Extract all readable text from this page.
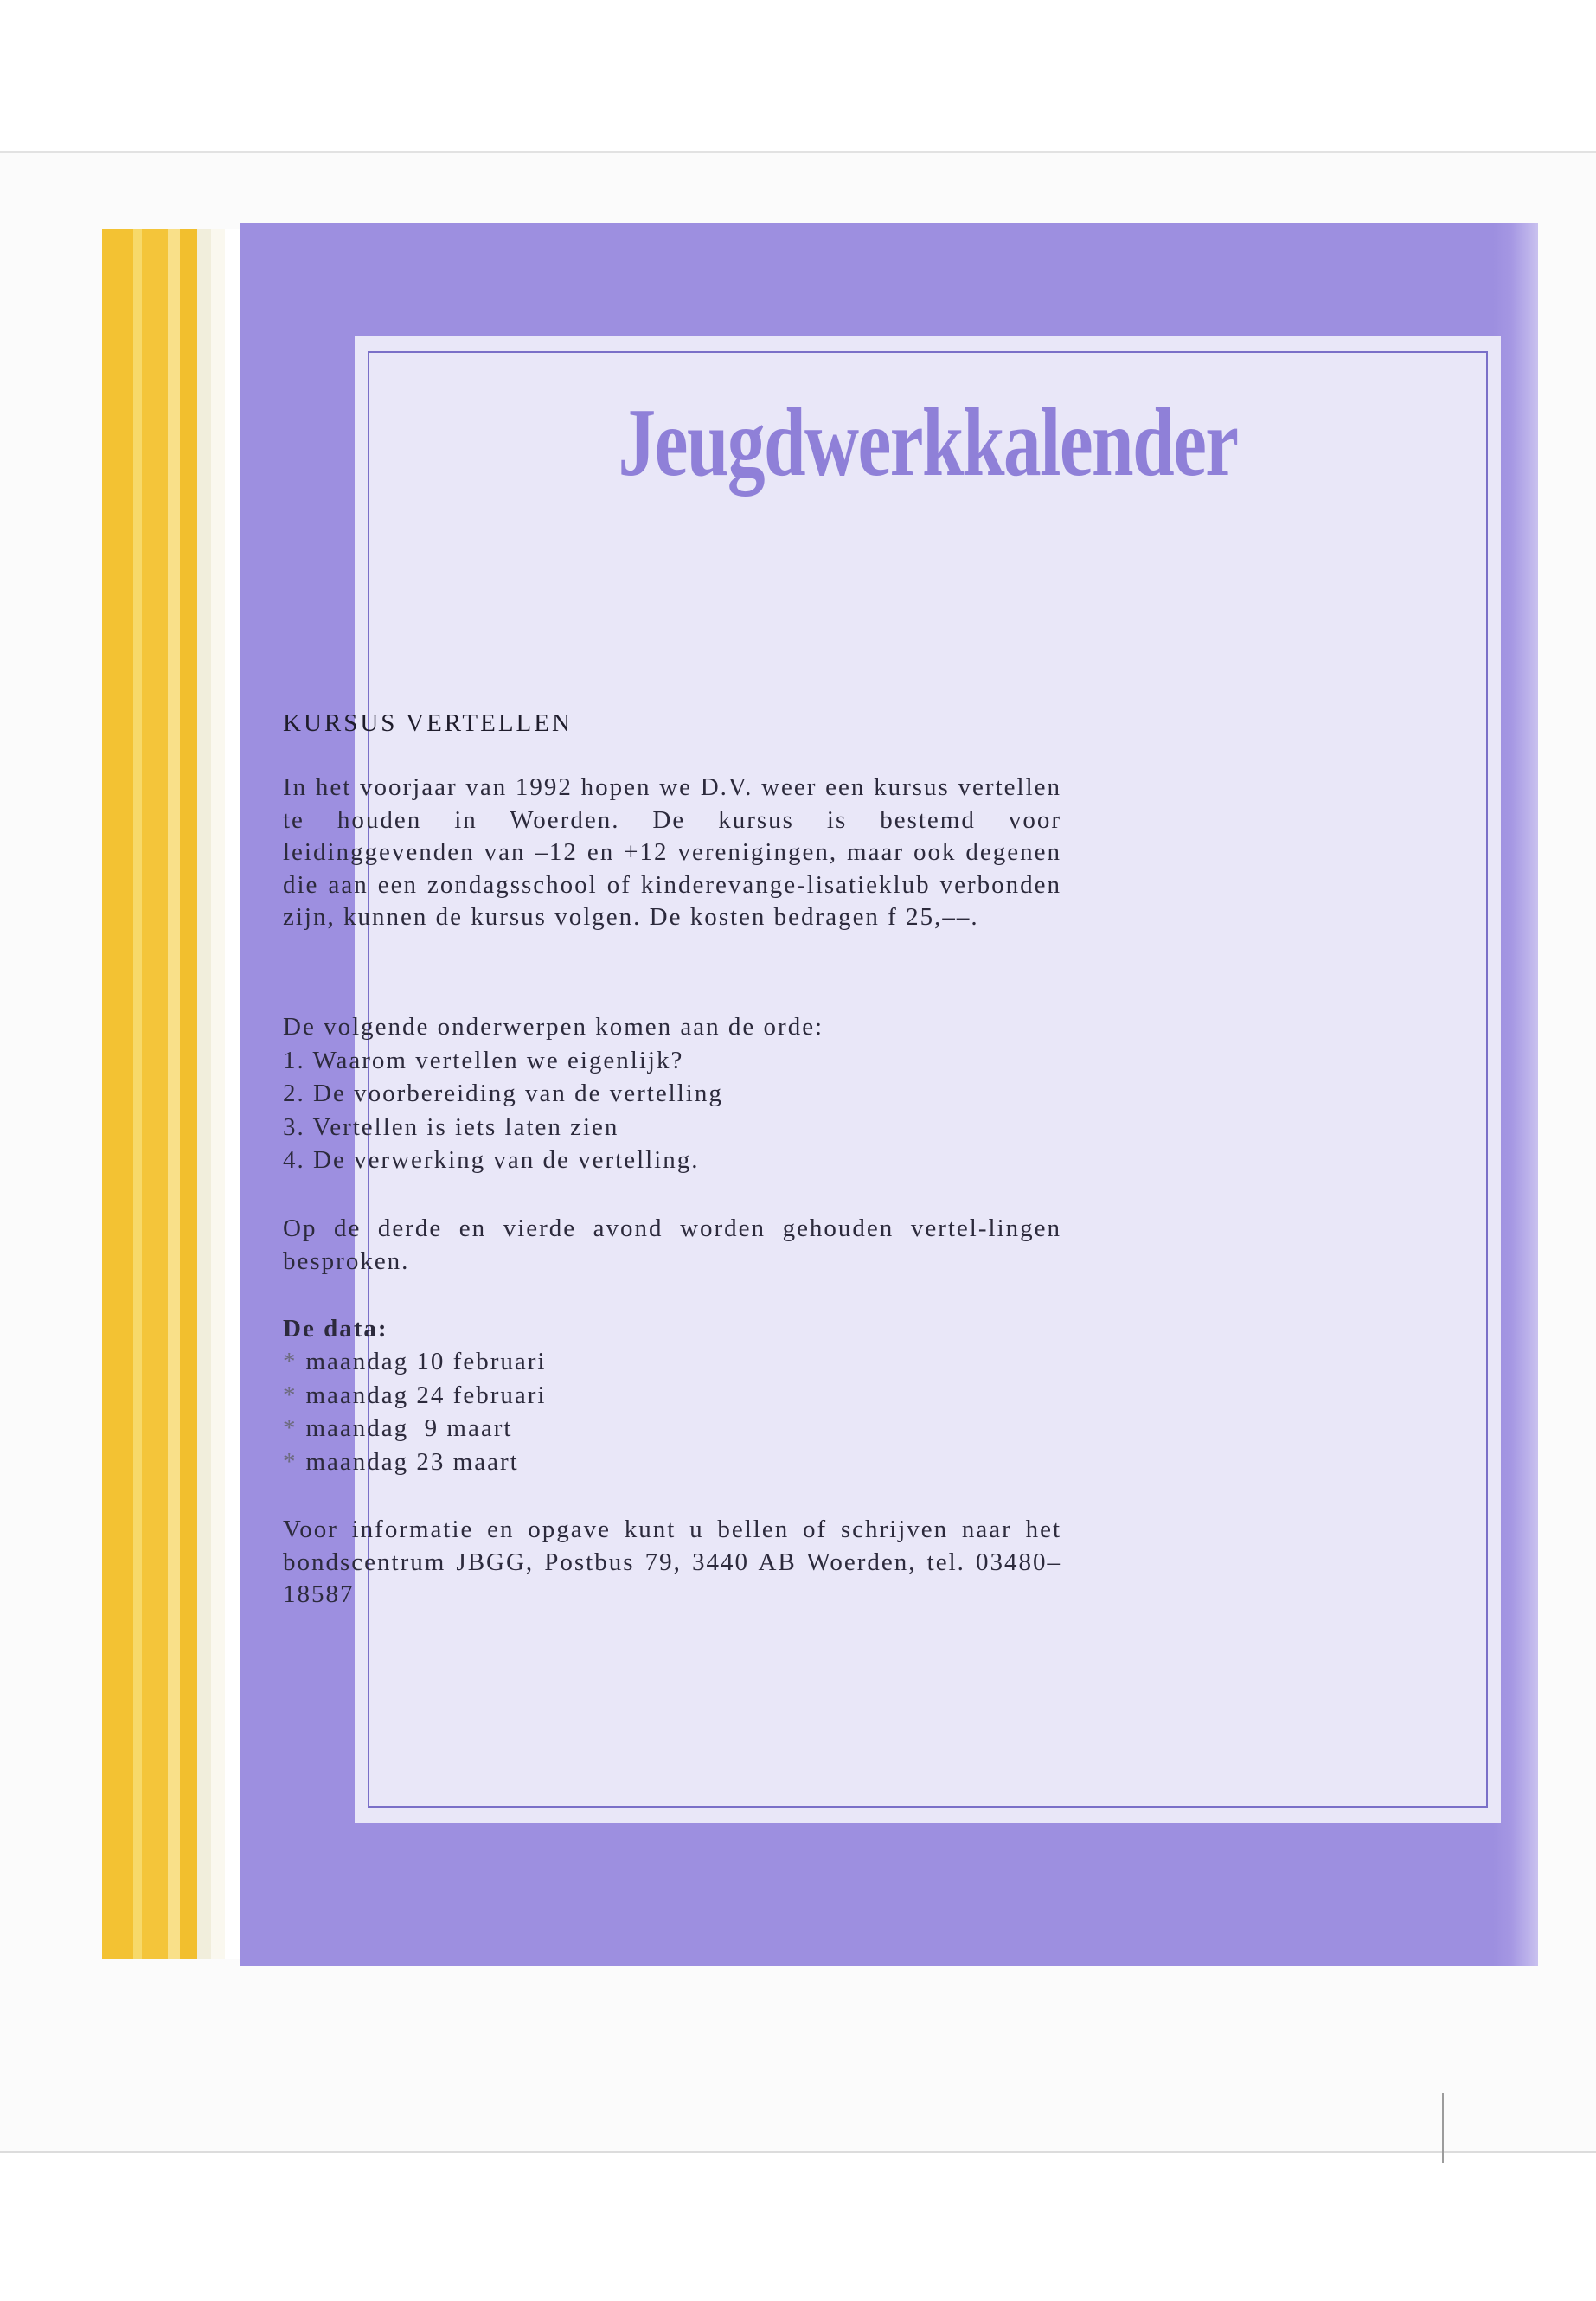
Jeugdwerkkalender
KURSUS VERTELLEN

In het voorjaar van 1992 hopen we D.V. weer een kursus vertellen te houden in Woerden. De kursus is bestemd voor leidinggevenden van –12 en +12 verenigingen, maar ook degenen die aan een zondagsschool of kinderevange-lisatieklub verbonden zijn, kunnen de kursus volgen. De kosten bedragen f 25,––.

De volgende onderwerpen komen aan de orde:

1. Waarom vertellen we eigenlijk?
2. De voorbereiding van de vertelling
3. Vertellen is iets laten zien
4. De verwerking van de vertelling.

Op de derde en vierde avond worden gehouden vertel-lingen besproken.

De data:
* maandag 10 februari
* maandag 24 februari
* maandag  9 maart
* maandag 23 maart

Voor informatie en opgave kunt u bellen of schrijven naar het bondscentrum JBGG, Postbus 79, 3440 AB Woerden, tel. 03480–18587
